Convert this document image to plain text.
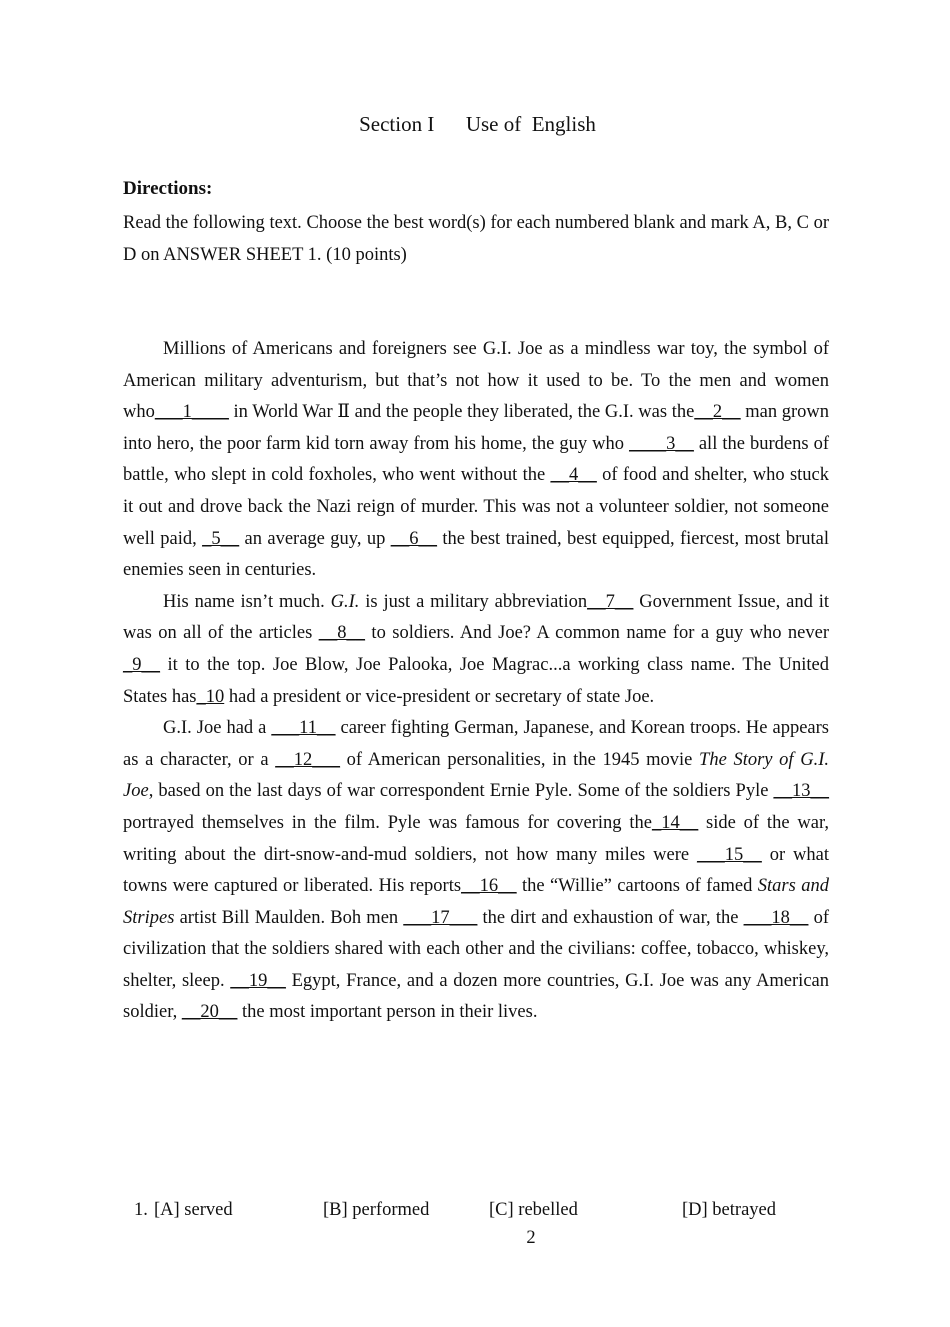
Section I      Use of  English
Directions:
Read the following text. Choose the best word(s) for each numbered blank and mark A, B, C or D on ANSWER SHEET 1. (10 points)

Millions of Americans and foreigners see G.I. Joe as a mindless war toy, the symbol of American military adventurism, but that’s not how it used to be. To the men and women who___1____ in World War Ⅱ and the people they liberated, the G.I. was the__2__ man grown into hero, the poor farm kid torn away from his home, the guy who ____3__ all the burdens of battle, who slept in cold foxholes, who went without the __4__ of food and shelter, who stuck it out and drove back the Nazi reign of murder. This was not a volunteer soldier, not someone well paid, _5__ an average guy, up __6__ the best trained, best equipped, fiercest, most brutal enemies seen in centuries.

His name isn’t much. G.I. is just a military abbreviation__7__ Government Issue, and it was on all of the articles __8__ to soldiers. And Joe? A common name for a guy who never _9__ it to the top. Joe Blow, Joe Palooka, Joe Magrac...a working class name. The United States has_10 had a president or vice-president or secretary of state Joe.

G.I. Joe had a ___11__ career fighting German, Japanese, and Korean troops. He appears as a character, or a __12___ of American personalities, in the 1945 movie The Story of G.I. Joe, based on the last days of war correspondent Ernie Pyle. Some of the soldiers Pyle __13__ portrayed themselves in the film. Pyle was famous for covering the_14__ side of the war, writing about the dirt-snow-and-mud soldiers, not how many miles were ___15__ or what towns were captured or liberated. His reports__16__ the “Willie” cartoons of famed Stars and Stripes artist Bill Maulden. Boh men ___17___ the dirt and exhaustion of war, the ___18__ of civilization that the soldiers shared with each other and the civilians: coffee, tobacco, whiskey, shelter, sleep. __19__ Egypt, France, and a dozen more countries, G.I. Joe was any American soldier, __20__ the most important person in their lives.

1. [A] served	[B] performed	[C] rebelled	[D] betrayed
2
